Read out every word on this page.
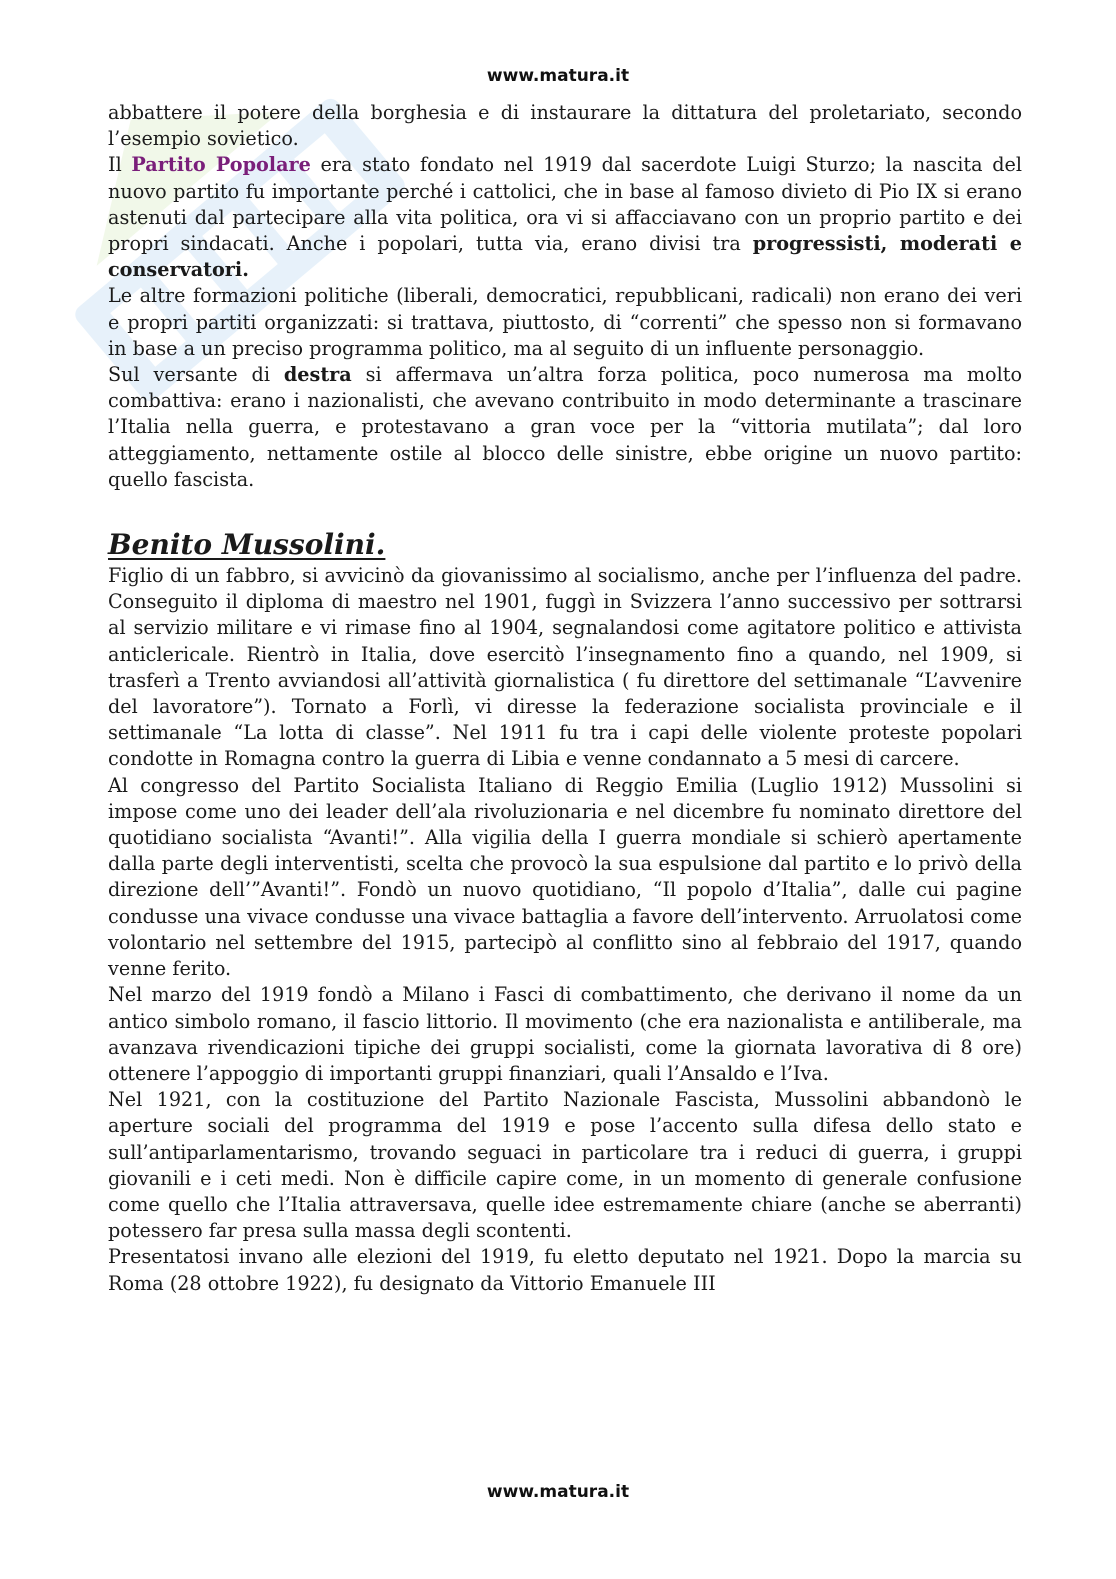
www.matura.it

abbattere il potere della borghesia e di instaurare la dittatura del proletariato, secondo l’esempio sovietico.

Il Partito Popolare era stato fondato nel 1919 dal sacerdote Luigi Sturzo; la nascita del nuovo partito fu importante perché i cattolici, che in base al famoso divieto di Pio IX si erano astenuti dal partecipare alla vita politica, ora vi si affacciavano con un proprio partito e dei propri sindacati. Anche i popolari, tutta via, erano divisi tra progressisti, moderati e conservatori.

Le altre formazioni politiche (liberali, democratici, repubblicani, radicali) non erano dei veri e propri partiti organizzati: si trattava, piuttosto, di “correnti” che spesso non si formavano in base a un preciso programma politico, ma al seguito di un influente personaggio.

Sul versante di destra si affermava un’altra forza politica, poco numerosa ma molto combattiva: erano i nazionalisti, che avevano contribuito in modo determinante a trascinare l’Italia nella guerra, e protestavano a gran voce per la “vittoria mutilata”; dal loro atteggiamento, nettamente ostile al blocco delle sinistre, ebbe origine un nuovo partito: quello fascista.

Benito Mussolini.

Figlio di un fabbro, si avvicinò da giovanissimo al socialismo, anche per l’influenza del padre. Conseguito il diploma di maestro nel 1901, fuggì in Svizzera l’anno successivo per sottrarsi al servizio militare e vi rimase fino al 1904, segnalandosi come agitatore politico e attivista anticlericale. Rientrò in Italia, dove esercitò l’insegnamento fino a quando, nel 1909, si trasferì a Trento avviandosi all’attività giornalistica ( fu direttore del settimanale “L’avvenire del lavoratore”). Tornato a Forlì, vi diresse la federazione socialista provinciale e il settimanale “La lotta di classe”. Nel 1911 fu tra i capi delle violente proteste popolari condotte in Romagna contro la guerra di Libia e venne condannato a 5 mesi di carcere.

Al congresso del Partito Socialista Italiano di Reggio Emilia (Luglio 1912) Mussolini si impose come uno dei leader dell’ala rivoluzionaria e nel dicembre fu nominato direttore del quotidiano socialista “Avanti!”. Alla vigilia della I guerra mondiale si schierò apertamente dalla parte degli interventisti, scelta che provocò la sua espulsione dal partito e lo privò della direzione dell’”Avanti!”. Fondò un nuovo quotidiano, “Il popolo d’Italia”, dalle cui pagine condusse una vivace condusse una vivace battaglia a favore dell’intervento. Arruolatosi come volontario nel settembre del 1915, partecipò al conflitto sino al febbraio del 1917, quando venne ferito.

Nel marzo del 1919 fondò a Milano i Fasci di combattimento, che derivano il nome da un antico simbolo romano, il fascio littorio. Il movimento (che era nazionalista e antiliberale, ma avanzava rivendicazioni tipiche dei gruppi socialisti, come la giornata lavorativa di 8 ore) ottenere l’appoggio di importanti gruppi finanziari, quali l’Ansaldo e l’Iva.

Nel 1921, con la costituzione del Partito Nazionale Fascista, Mussolini abbandonò le aperture sociali del programma del 1919 e pose l’accento sulla difesa dello stato e sull’antiparlamentarismo, trovando seguaci in particolare tra i reduci di guerra, i gruppi giovanili e i ceti medi. Non è difficile capire come, in un momento di generale confusione come quello che l’Italia attraversava, quelle idee estremamente chiare (anche se aberranti) potessero far presa sulla massa degli scontenti.

Presentatosi invano alle elezioni del 1919, fu eletto deputato nel 1921. Dopo la marcia su Roma (28 ottobre 1922), fu designato da Vittorio Emanuele III

www.matura.it
